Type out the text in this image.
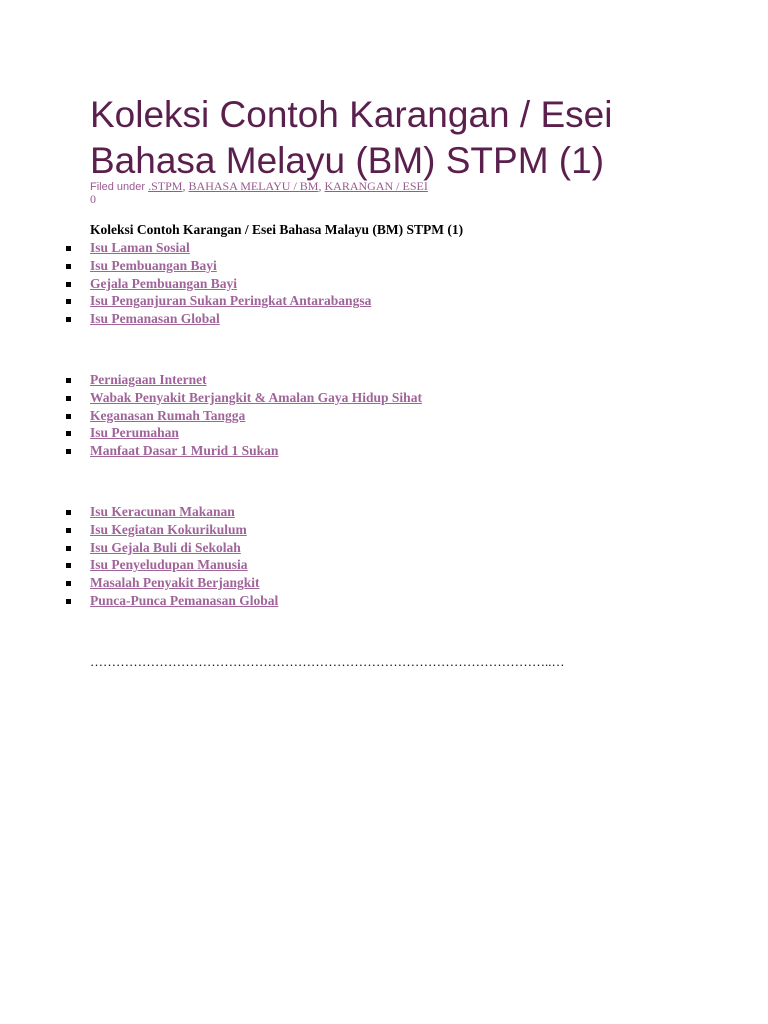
Koleksi Contoh Karangan / Esei Bahasa Melayu (BM) STPM (1)
Filed under .STPM, BAHASA MELAYU / BM, KARANGAN / ESEI
0
Koleksi Contoh Karangan / Esei Bahasa Malayu (BM) STPM (1)
Isu Laman Sosial
Isu Pembuangan Bayi
Gejala Pembuangan Bayi
Isu Penganjuran Sukan Peringkat Antarabangsa
Isu Pemanasan Global
Perniagaan Internet
Wabak Penyakit Berjangkit & Amalan Gaya Hidup Sihat
Keganasan Rumah Tangga
Isu Perumahan
Manfaat Dasar 1 Murid 1 Sukan
Isu Keracunan Makanan
Isu Kegiatan Kokurikulum
Isu Gejala Buli di Sekolah
Isu Penyeludupan Manusia
Masalah Penyakit Berjangkit
Punca-Punca Pemanasan Global
……………………………………………………………………………………………..…
